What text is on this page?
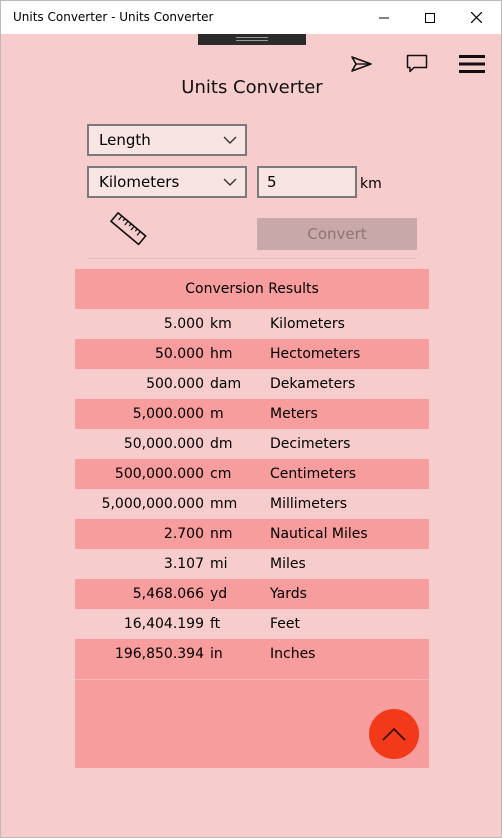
Units Converter - Units Converter
Units Converter
Length
Kilometers	5	km
Convert
Conversion Results
5.000 km	Kilometers
50.000 hm	Hectometers
500.000 dam Dekameters
5,000.000 m	Meters
50,000.000 dm	Decimeters
500,000.000 cm	Centimeters
5,000,000.000 mm Millimeters
2.700 nm	Nautical Miles
3.107 mi	Miles
5,468.066 yd	Yards
16,404.199 ft	Feet
196,850.394 in	Inches
